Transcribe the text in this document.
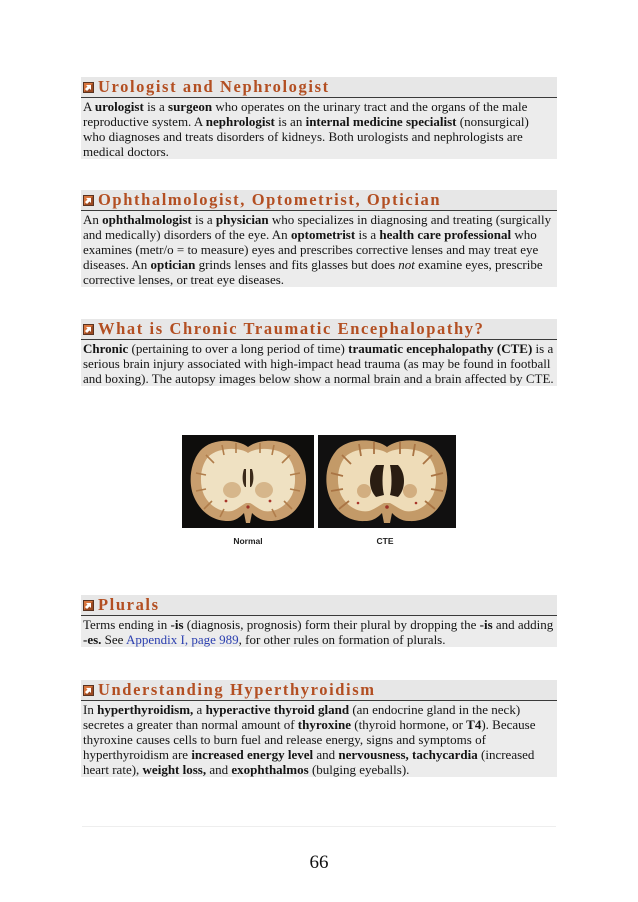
Urologist and Nephrologist
A urologist is a surgeon who operates on the urinary tract and the organs of the male reproductive system. A nephrologist is an internal medicine specialist (nonsurgical) who diagnoses and treats disorders of kidneys. Both urologists and nephrologists are medical doctors.
Ophthalmologist, Optometrist, Optician
An ophthalmologist is a physician who specializes in diagnosing and treating (surgically and medically) disorders of the eye. An optometrist is a health care professional who examines (metr/o = to measure) eyes and prescribes corrective lenses and may treat eye diseases. An optician grinds lenses and fits glasses but does not examine eyes, prescribe corrective lenses, or treat eye diseases.
What is Chronic Traumatic Encephalopathy?
Chronic (pertaining to over a long period of time) traumatic encephalopathy (CTE) is a serious brain injury associated with high-impact head trauma (as may be found in football and boxing). The autopsy images below show a normal brain and a brain affected by CTE.
Normal	CTE
Plurals
Terms ending in -is (diagnosis, prognosis) form their plural by dropping the -is and adding -es. See Appendix I, page 989, for other rules on formation of plurals.
Understanding Hyperthyroidism
In hyperthyroidism, a hyperactive thyroid gland (an endocrine gland in the neck) secretes a greater than normal amount of thyroxine (thyroid hormone, or T4). Because thyroxine causes cells to burn fuel and release energy, signs and symptoms of hyperthyroidism are increased energy level and nervousness, tachycardia (increased heart rate), weight loss, and exophthalmos (bulging eyeballs).
66
